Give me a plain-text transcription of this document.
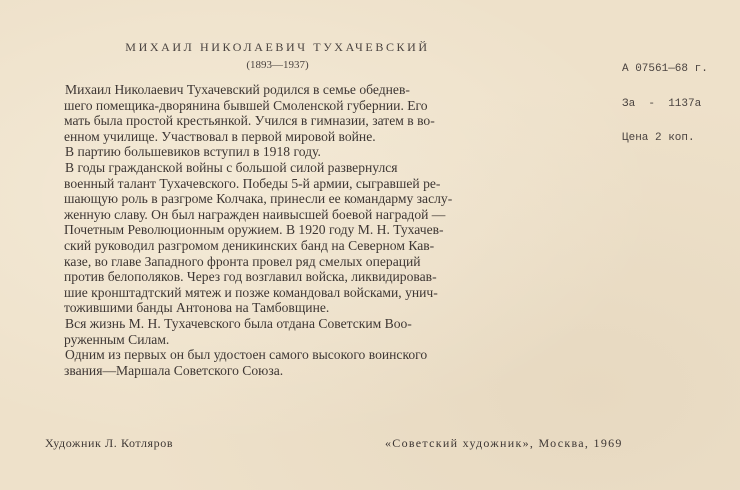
МИХАИЛ НИКОЛАЕВИЧ ТУХАЧЕВСКИЙ
(1893—1937)

	А 07561—68 г.

За  -  1137а

Цена 2 коп.

Михаил Николаевич Тухачевский родился в семье обеднев-
шего помещика-дворянина бывшей Смоленской губернии. Его
мать была простой крестьянкой. Учился в гимназии, затем в во-
енном училище. Участвовал в первой мировой войне.
В партию большевиков вступил в 1918 году.
В годы гражданской войны с большой силой развернулся
военный талант Тухачевского. Победы 5-й армии, сыгравшей ре-
шающую роль в разгроме Колчака, принесли ее командарму заслу-
женную славу. Он был награжден наивысшей боевой наградой —
Почетным Революционным оружием. В 1920 году М. Н. Тухачев-
ский руководил разгромом деникинских банд на Северном Кав-
казе, во главе Западного фронта провел ряд смелых операций
против белополяков. Через год возглавил войска, ликвидировав-
шие кронштадтский мятеж и позже командовал войсками, унич-
тожившими банды Антонова на Тамбовщине.
Вся жизнь М. Н. Тухачевского была отдана Советским Воо-
руженным Силам.
Одним из первых он был удостоен самого высокого воинского
звания—Маршала Советского Союза.
Художник Л. Котляров	«Советский художник», Москва, 1969
